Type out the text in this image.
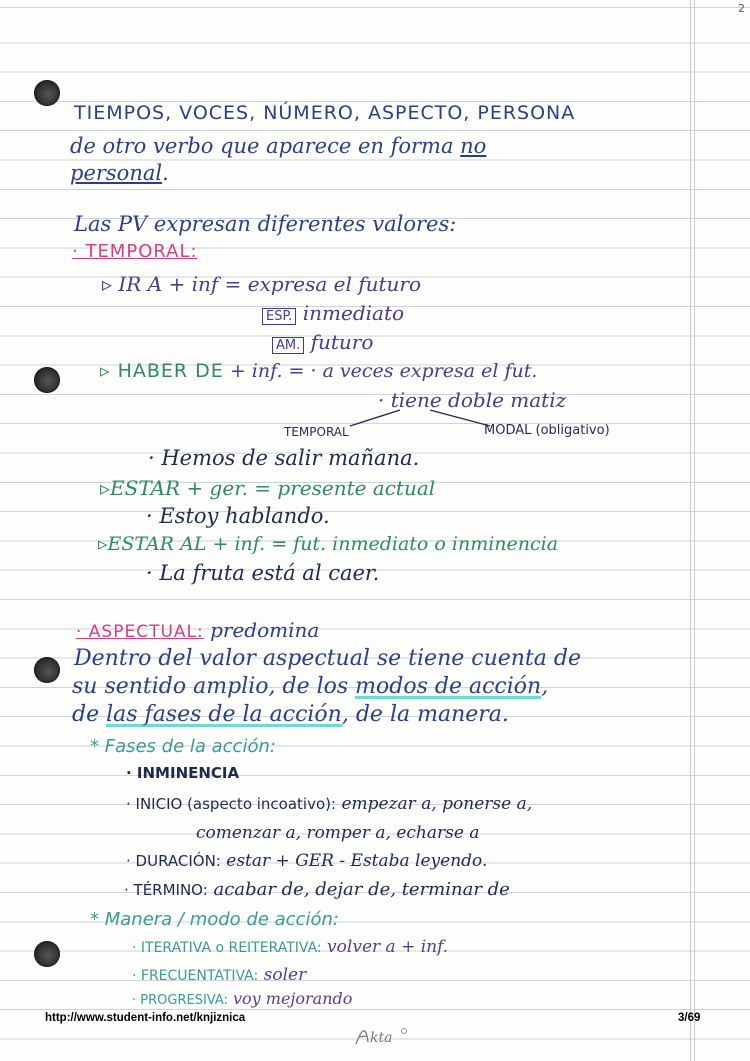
2
TIEMPOS, VOCES, NÚMERO, ASPECTO, PERSONA
de otro verbo que aparece en forma no
personal.
Las PV expresan diferentes valores:
· TEMPORAL:
▹ IR A + inf = expresa el futuro
ESP. inmediato
AM. futuro
▹ HABER DE + inf. = · a veces expresa el fut.
· tiene doble matiz
TEMPORAL	MODAL (obligativo)
· Hemos de salir mañana.
▹ESTAR + ger. = presente actual
· Estoy hablando.
▹ESTAR AL + inf. = fut. inmediato o inminencia
· La fruta está al caer.
· ASPECTUAL: predomina
Dentro del valor aspectual se tiene cuenta de
su sentido amplio, de los modos de acción,
de las fases de la acción, de la manera.
* Fases de la acción:
· INMINENCIA
· INICIO (aspecto incoativo): empezar a, ponerse a,
comenzar a, romper a, echarse a
· DURACIÓN: estar + GER - Estaba leyendo.
· TÉRMINO: acabar de, dejar de, terminar de
* Manera / modo de acción:
· ITERATIVA o REITERATIVA: volver a + inf.
· FRECUENTATIVA: soler
· PROGRESIVA: voy mejorando
http://www.student-info.net/knjiznica	3/69
kta
